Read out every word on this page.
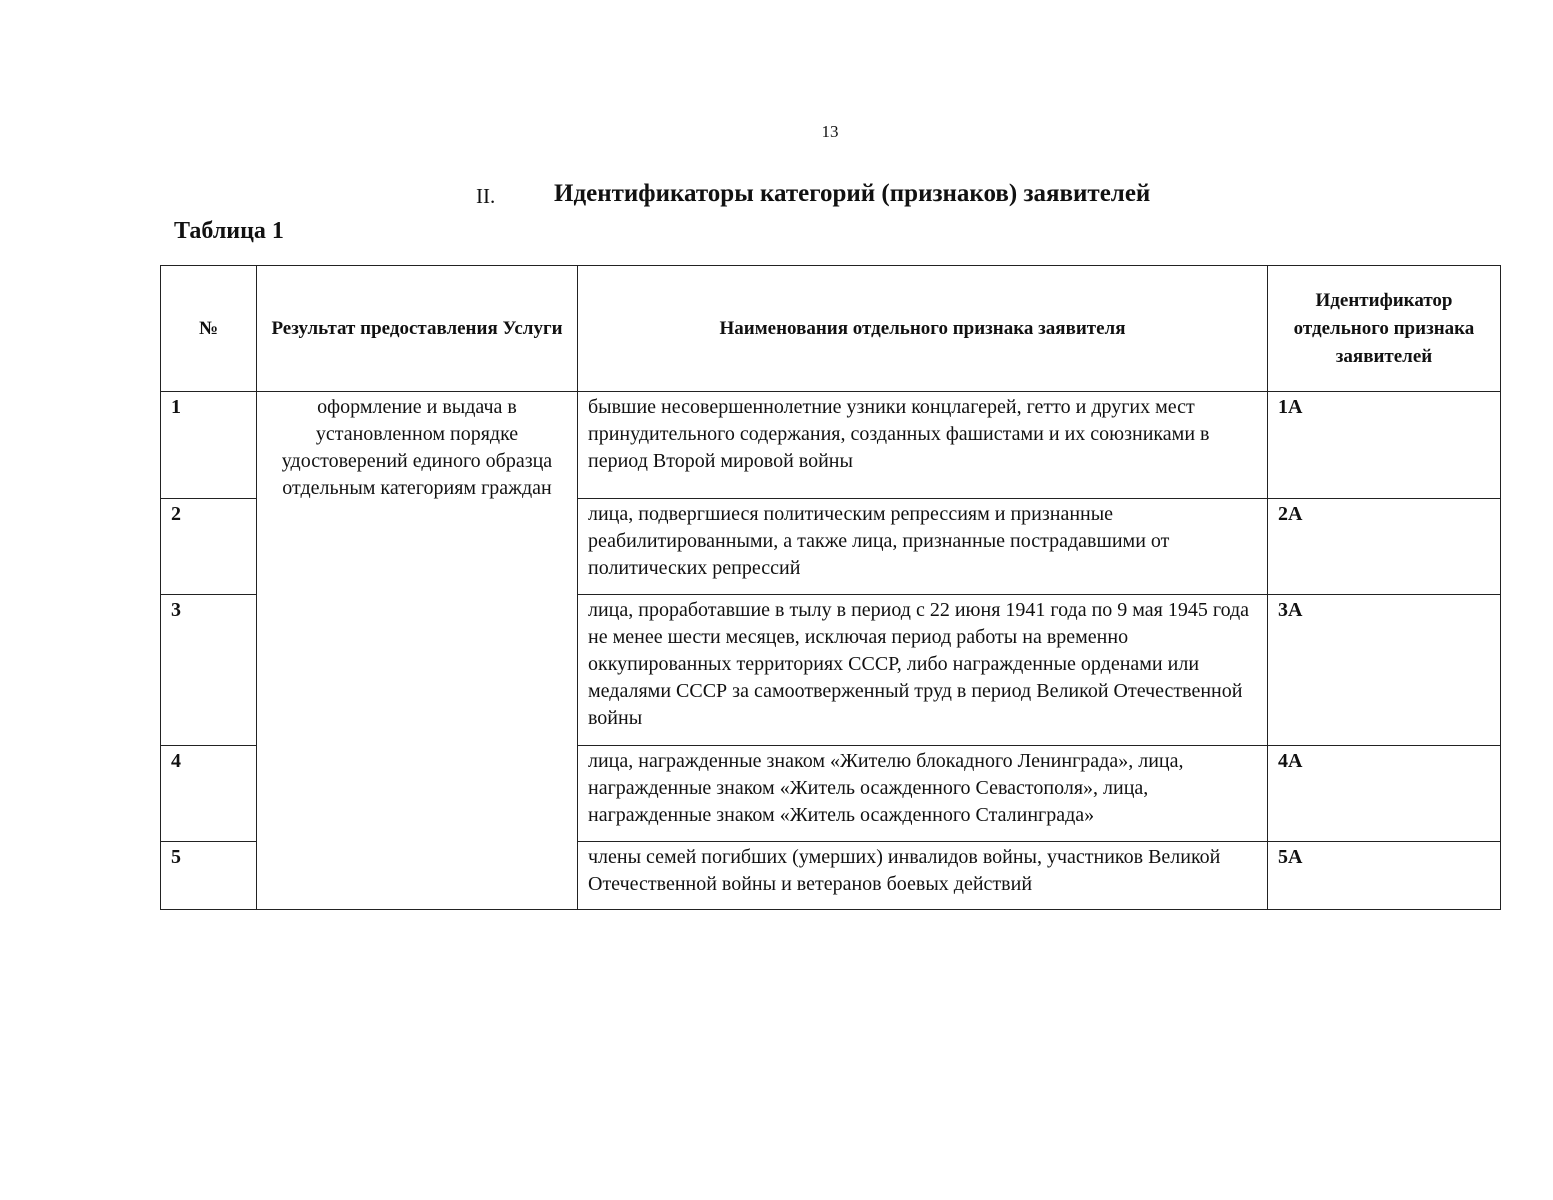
13
II. Идентификаторы категорий (признаков) заявителей
Таблица 1
№	Результат предоставления Услуги	Наименования отдельного признака заявителя	Идентификатор отдельного признака заявителей
1	оформление и выдача в установленном порядке удостоверений единого образца отдельным категориям граждан	бывшие несовершеннолетние узники концлагерей, гетто и других мест принудительного содержания, созданных фашистами и их союзниками в период Второй мировой войны	1А
2		лица, подвергшиеся политическим репрессиям и признанные реабилитированными, а также лица, признанные пострадавшими от политических репрессий	2А
3		лица, проработавшие в тылу в период с 22 июня 1941 года по 9 мая 1945 года не менее шести месяцев, исключая период работы на временно оккупированных территориях СССР, либо награжденные орденами или медалями СССР за самоотверженный труд в период Великой Отечественной войны	3А
4		лица, награжденные знаком «Жителю блокадного Ленинграда», лица, награжденные знаком «Житель осажденного Севастополя», лица, награжденные знаком «Житель осажденного Сталинграда»	4А
5		члены семей погибших (умерших) инвалидов войны, участников Великой Отечественной войны и ветеранов боевых действий	5А
